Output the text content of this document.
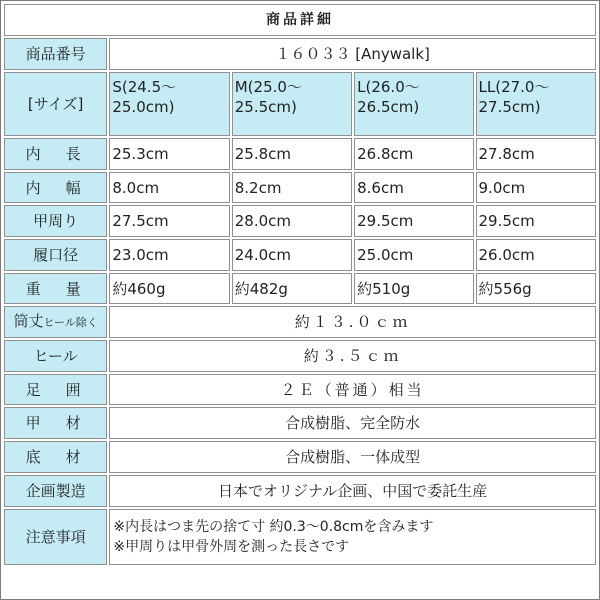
商品詳細				
商品番号	１６０３３ [Anywalk]			
[サイズ]	S(24.5〜25.0cm)	M(25.0〜25.5cm)	L(26.0〜26.5cm)	LL(27.0〜27.5cm)
内　長	25.3cm	25.8cm	26.8cm	27.8cm
内　幅	8.0cm	8.2cm	8.6cm	9.0cm
甲周り	27.5cm	28.0cm	29.5cm	29.5cm
履口径	23.0cm	24.0cm	25.0cm	26.0cm
重　量	約460g	約482g	約510g	約556g
筒丈ヒール除く	約１３.０ｃｍ			
ヒール	約３.５ｃｍ			
足　囲	２Ｅ（普通）相当			
甲　材	合成樹脂、完全防水			
底　材	合成樹脂、一体成型			
企画製造	日本でオリジナル企画、中国で委託生産			
注意事項	※内長はつま先の捨て寸 約0.3〜0.8cmを含みます
※甲周りは甲骨外周を測った長さです			
